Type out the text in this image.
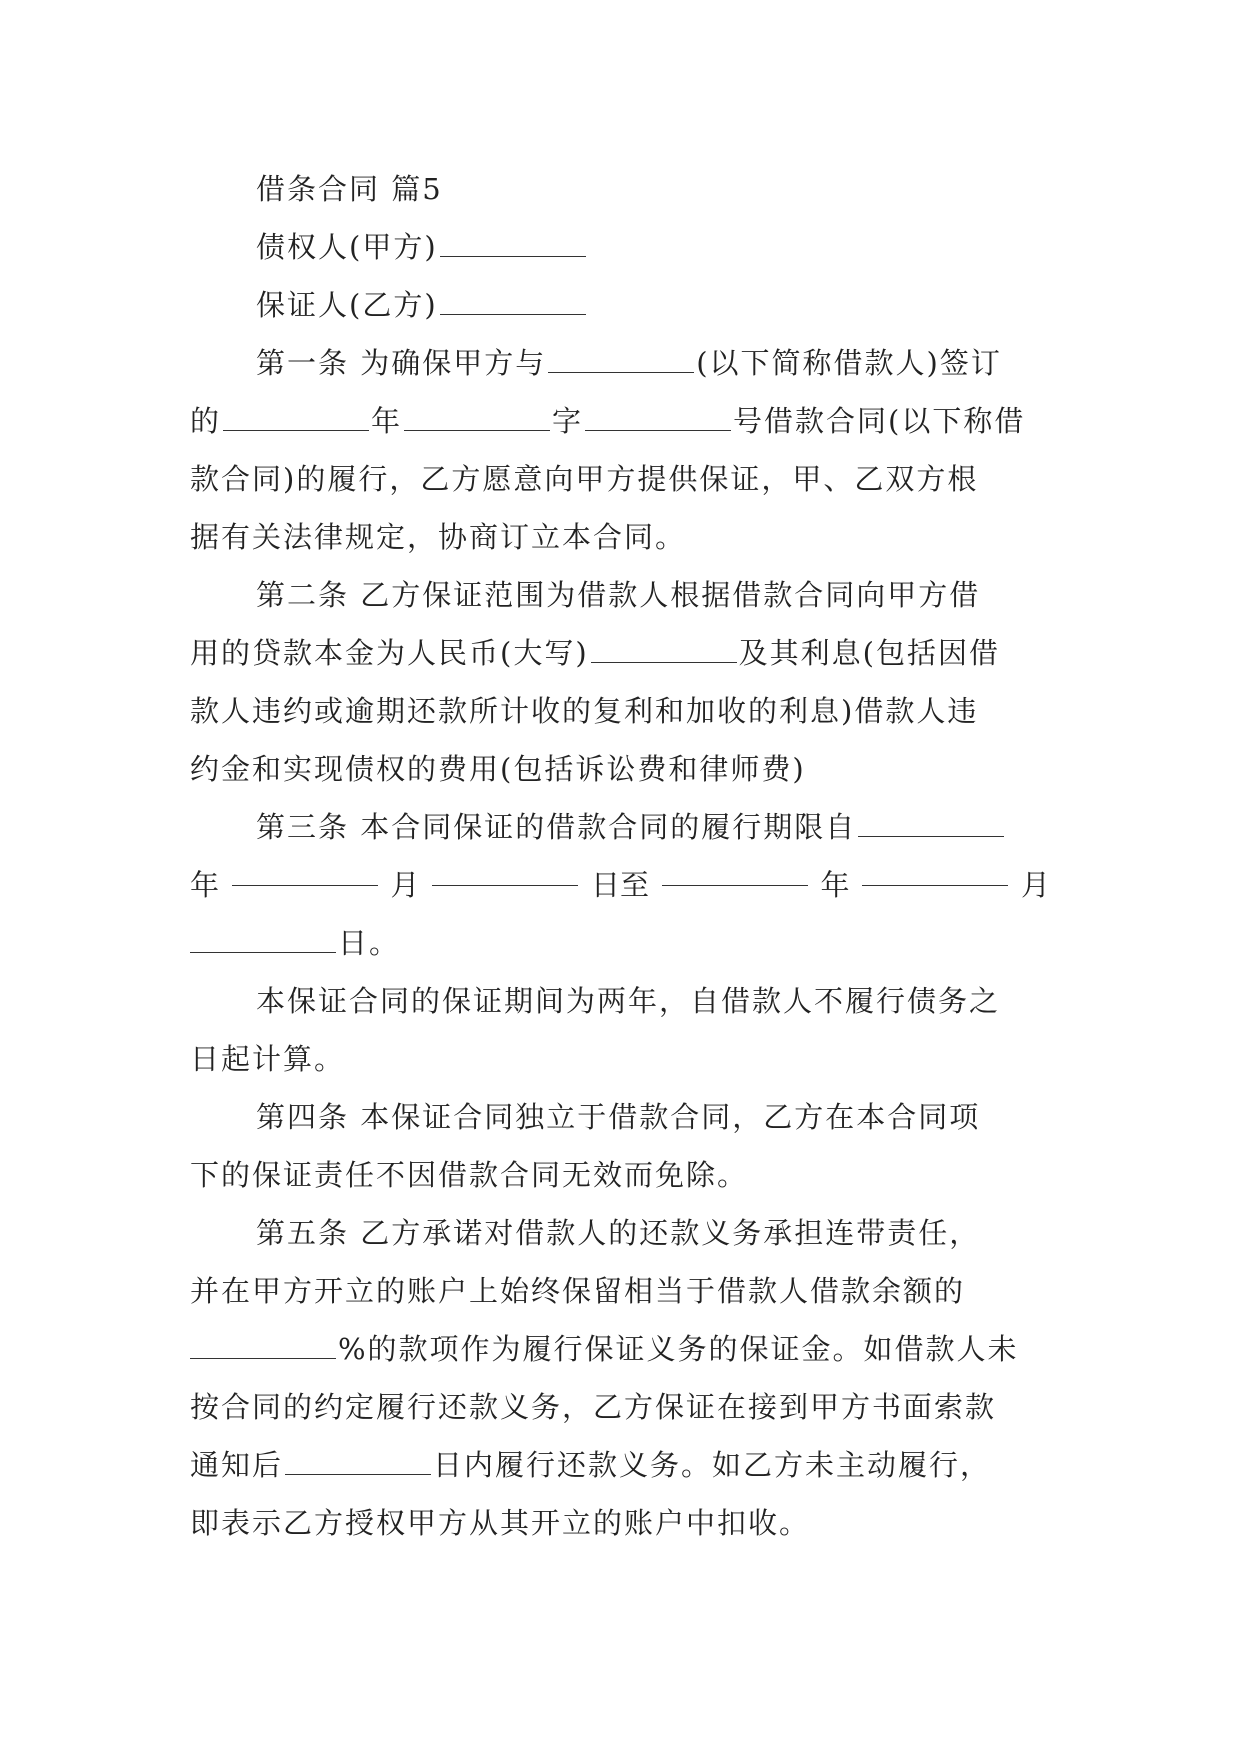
借条合同 篇5
债权人(甲方)
保证人(乙方)
第一条 为确保甲方与	(以下简称借款人)签订
的	年	字	号借款合同(以下称借
款合同)的履行，乙方愿意向甲方提供保证，甲、乙双方根
据有关法律规定，协商订立本合同。
第二条 乙方保证范围为借款人根据借款合同向甲方借
用的贷款本金为人民币(大写)	及其利息(包括因借
款人违约或逾期还款所计收的复利和加收的利息)借款人违
约金和实现债权的费用(包括诉讼费和律师费)
第三条 本合同保证的借款合同的履行期限自
年	月	日至	年	月
日。
本保证合同的保证期间为两年，自借款人不履行债务之
日起计算。
第四条 本保证合同独立于借款合同，乙方在本合同项
下的保证责任不因借款合同无效而免除。
第五条 乙方承诺对借款人的还款义务承担连带责任，
并在甲方开立的账户上始终保留相当于借款人借款余额的
%的款项作为履行保证义务的保证金。如借款人未
按合同的约定履行还款义务，乙方保证在接到甲方书面索款
通知后	日内履行还款义务。如乙方未主动履行，
即表示乙方授权甲方从其开立的账户中扣收。
